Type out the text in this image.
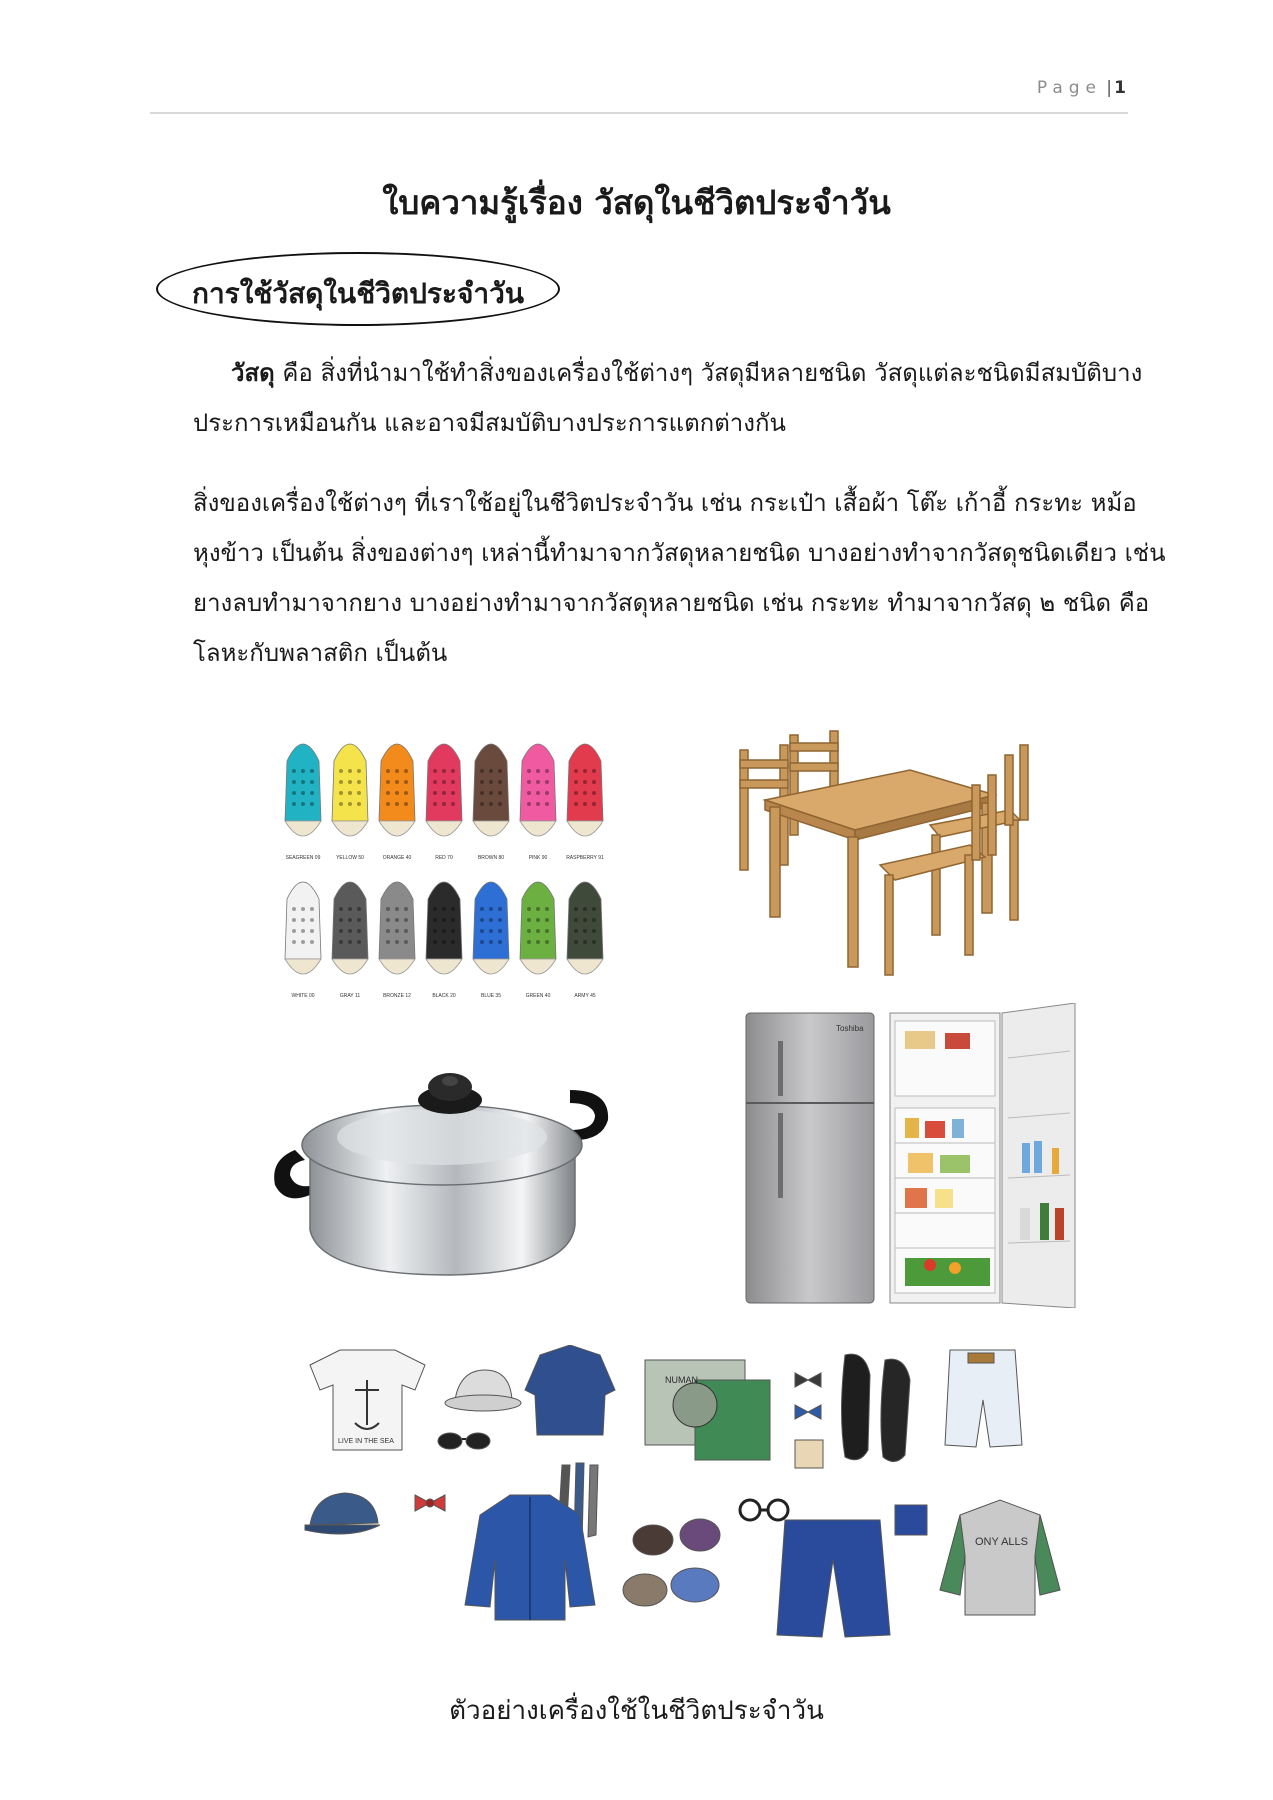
Page | 1
ใบความรู้เรื่อง วัสดุในชีวิตประจำวัน
การใช้วัสดุในชีวิตประจำวัน
วัสดุ คือ สิ่งที่นำมาใช้ทำสิ่งของเครื่องใช้ต่างๆ วัสดุมีหลายชนิด วัสดุแต่ละชนิดมีสมบัติบาง
ประการเหมือนกัน และอาจมีสมบัติบางประการแตกต่างกัน
สิ่งของเครื่องใช้ต่างๆ ที่เราใช้อยู่ในชีวิตประจำวัน เช่น กระเป๋า เสื้อผ้า โต๊ะ เก้าอี้ กระทะ หม้อ
หุงข้าว เป็นต้น สิ่งของต่างๆ เหล่านี้ทำมาจากวัสดุหลายชนิด บางอย่างทำจากวัสดุชนิดเดียว เช่น
ยางลบทำมาจากยาง บางอย่างทำมาจากวัสดุหลายชนิด เช่น กระทะ ทำมาจากวัสดุ ๒ ชนิด คือ
โลหะกับพลาสติก เป็นต้น
SEAGREEN 09	YELLOW 50	ORANGE 40	RED 70	BROWN 80	PINK 90	RASPBERRY 91
WHITE 00	GRAY 11	BRONZE 12	BLACK 20	BLUE 35	GREEN 40	ARMY 45
Toshiba
LIVE IN THE SEA
NUMAN
ONY ALLS
ตัวอย่างเครื่องใช้ในชีวิตประจำวัน
